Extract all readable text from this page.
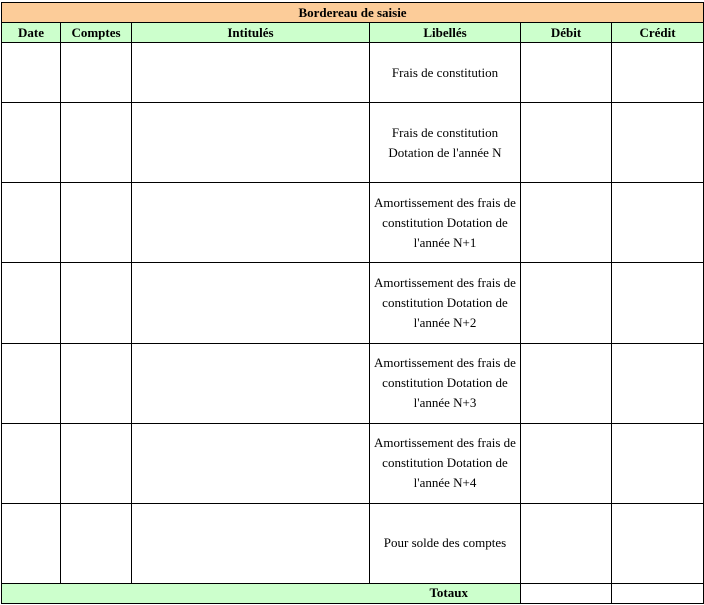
Bordereau de saisie					
Date	Comptes	Intitulés	Libellés	Débit	Crédit
			Frais de constitution		
			Frais de constitution Dotation de l'année N		
			Amortissement des frais de constitution Dotation de l'année N+1		
			Amortissement des frais de constitution Dotation de l'année N+2		
			Amortissement des frais de constitution Dotation de l'année N+3		
			Amortissement des frais de constitution Dotation de l'année N+4		
			Pour solde des comptes		
Totaux					
